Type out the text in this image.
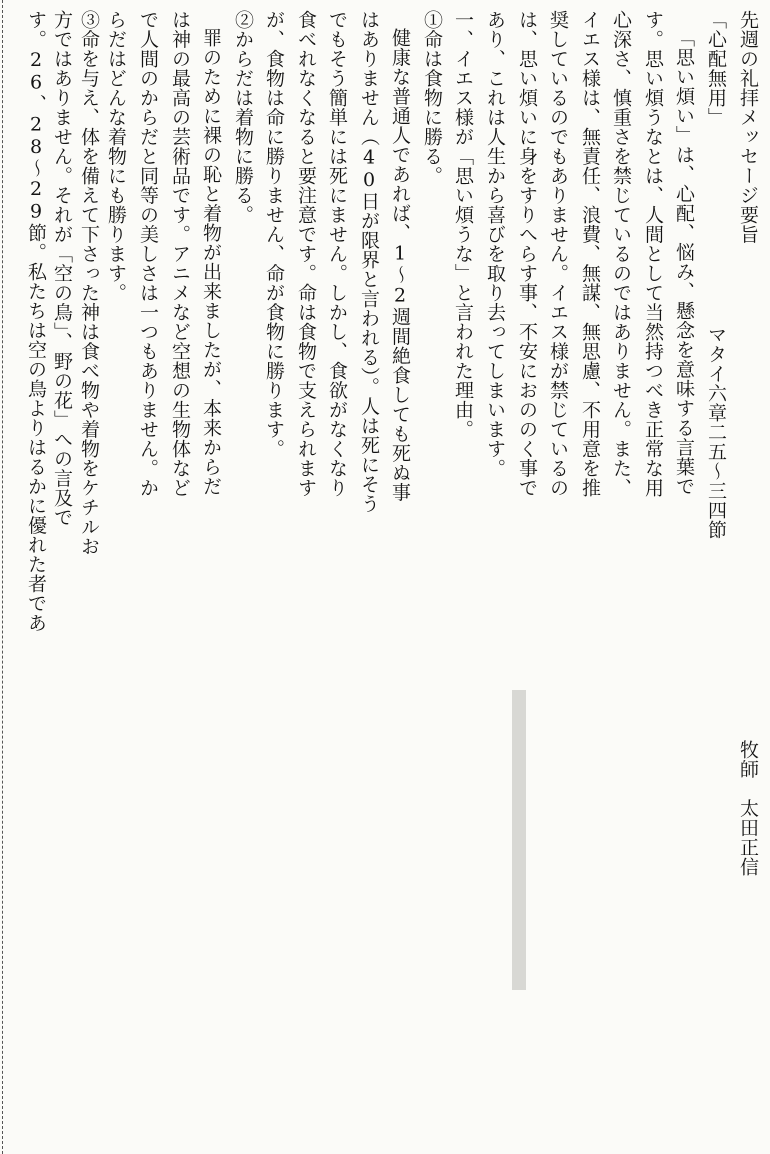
先週の礼拝メッセージ要旨
牧師　太田正信
「心配無用」
マタイ六章二五〜三四節
「思い煩い」は、心配、悩み、懸念を意味する言葉で
す。思い煩うなとは、人間として当然持つべき正常な用
心深さ、慎重さを禁じているのではありません。また、
イエス様は、無責任、浪費、無謀、無思慮、不用意を推
奨しているのでもありません。イエス様が禁じているの
は、思い煩いに身をすりへらす事、不安におののく事で
あり、これは人生から喜びを取り去ってしまいます。
一、イエス様が「思い煩うな」と言われた理由。
①命は食物に勝る。
健康な普通人であれば、1〜2週間絶食しても死ぬ事
はありません（40日が限界と言われる）。人は死にそう
でもそう簡単には死にません。しかし、食欲がなくなり
食べれなくなると要注意です。命は食物で支えられます
が、食物は命に勝りません、命が食物に勝ります。
②からだは着物に勝る。
罪のために裸の恥と着物が出来ましたが、本来からだ
は神の最高の芸術品です。アニメなど空想の生物体など
で人間のからだと同等の美しさは一つもありません。か
らだはどんな着物にも勝ります。
③命を与え、体を備えて下さった神は食べ物や着物をケチルお
方ではありません。それが「空の鳥」、野の花」への言及で
す。26、28〜29節。私たちは空の鳥よりはるかに優れた者であ
